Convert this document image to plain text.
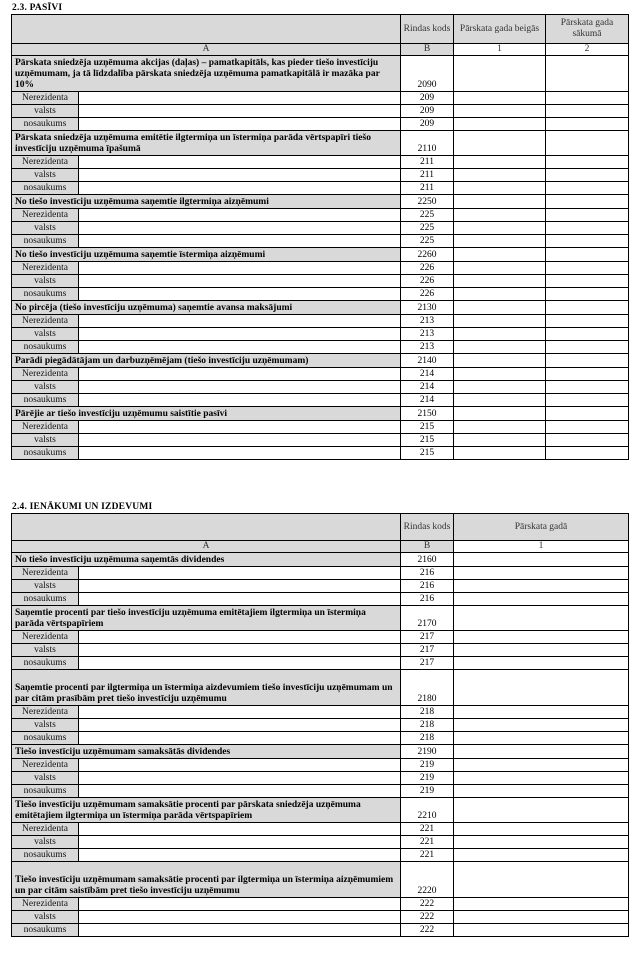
2.3. PASĪVI
		Rindas kods	Pārskata gada beigās	Pārskata gada sākumā
A		B	1	2
Pārskata sniedzēja uzņēmuma akcijas (daļas) – pamatkapitāls, kas pieder tiešo investīciju uzņēmumam, ja tā līdzdalība pārskata sniedzēja uzņēmuma pamatkapitālā ir mazāka par 10%		2090		
Nerezidenta		209		
valsts		209		
nosaukums		209		
Pārskata sniedzēja uzņēmuma emitētie ilgtermiņa un īstermiņa parāda vērtspapīri tiešo investīciju uzņēmuma īpašumā		2110		
Nerezidenta		211		
valsts		211		
nosaukums		211		
No tiešo investīciju uzņēmuma saņemtie ilgtermiņa aizņēmumi		2250		
Nerezidenta		225		
valsts		225		
nosaukums		225		
No tiešo investīciju uzņēmuma saņemtie īstermiņa aizņēmumi		2260		
Nerezidenta		226		
valsts		226		
nosaukums		226		
No pircēja (tiešo investīciju uzņēmuma) saņemtie avansa maksājumi		2130		
Nerezidenta		213		
valsts		213		
nosaukums		213		
Parādi piegādātājam un darbuzņēmējam (tiešo investīciju uzņēmumam)		2140		
Nerezidenta		214		
valsts		214		
nosaukums		214		
Pārējie ar tiešo investīciju uzņēmumu saistītie pasīvi		2150		
Nerezidenta		215		
valsts		215		
nosaukums		215		
2.4. IENĀKUMI UN IZDEVUMI
		Rindas kods	Pārskata gadā
A		B	1
No tiešo investīciju uzņēmuma saņemtās dividendes		2160	
Nerezidenta		216	
valsts		216	
nosaukums		216	
Saņemtie procenti par tiešo investīciju uzņēmuma emitētajiem ilgtermiņa un īstermiņa parāda vērtspapīriem		2170	
Nerezidenta		217	
valsts		217	
nosaukums		217	
Saņemtie procenti par ilgtermiņa un īstermiņa aizdevumiem tiešo investīciju uzņēmumam un par citām prasībām pret tiešo investīciju uzņēmumu		2180	
Nerezidenta		218	
valsts		218	
nosaukums		218	
Tiešo investīciju uzņēmumam samaksātās dividendes		2190	
Nerezidenta		219	
valsts		219	
nosaukums		219	
Tiešo investīciju uzņēmumam samaksātie procenti par pārskata sniedzēja uzņēmuma emitētajiem ilgtermiņa un īstermiņa parāda vērtspapīriem		2210	
Nerezidenta		221	
valsts		221	
nosaukums		221	
Tiešo investīciju uzņēmumam samaksātie procenti par ilgtermiņa un īstermiņa aizņēmumiem un par citām saistībām pret tiešo investīciju uzņēmumu		2220	
Nerezidenta		222	
valsts		222	
nosaukums		222	
